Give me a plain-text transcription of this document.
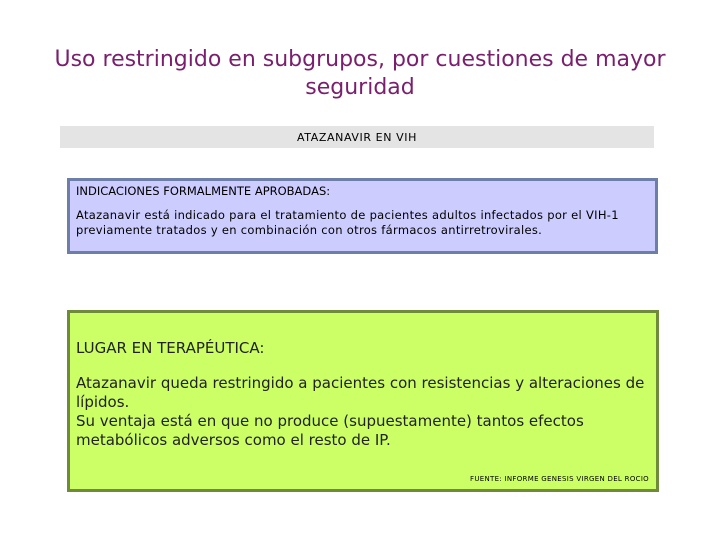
Uso restringido en subgrupos, por cuestiones de mayor seguridad
ATAZANAVIR EN VIH

INDICACIONES FORMALMENTE APROBADAS:

Atazanavir está indicado para el tratamiento de pacientes adultos infectados por el VIH-1 previamente tratados y en combinación con otros fármacos antirretrovirales.

LUGAR EN TERAPÉUTICA:

Atazanavir queda restringido a pacientes con resistencias y alteraciones de lípidos.
Su ventaja está en que no produce (supuestamente) tantos efectos metabólicos adversos como el resto de IP.

FUENTE: INFORME GENESIS VIRGEN DEL ROCIO
